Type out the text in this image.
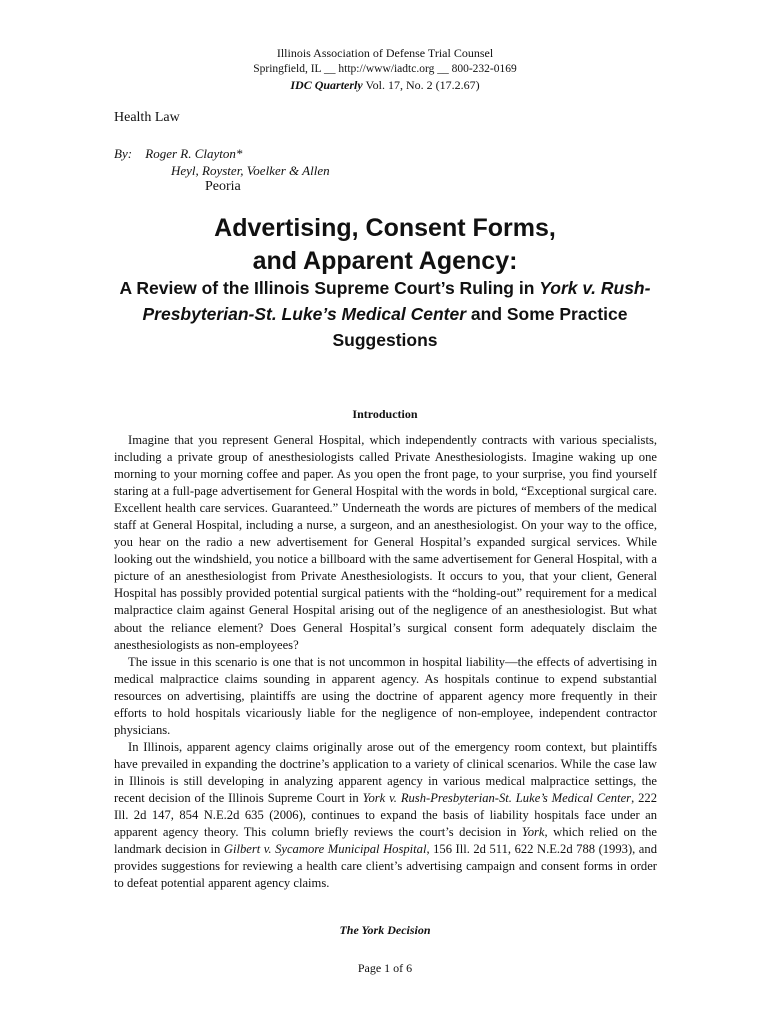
Illinois Association of Defense Trial Counsel
Springfield, IL __ http://www/iadtc.org __ 800-232-0169
IDC Quarterly Vol. 17, No. 2 (17.2.67)
Health Law
By: Roger R. Clayton*
Heyl, Royster, Voelker & Allen
Peoria
Advertising, Consent Forms,
and Apparent Agency:
A Review of the Illinois Supreme Court’s Ruling in York v. Rush-Presbyterian-St. Luke’s Medical Center and Some Practice Suggestions
Introduction

Imagine that you represent General Hospital, which independently contracts with various specialists, including a private group of anesthesiologists called Private Anesthesiologists. Imagine waking up one morning to your morning coffee and paper. As you open the front page, to your surprise, you find yourself staring at a full-page advertisement for General Hospital with the words in bold, “Exceptional surgical care. Excellent health care services. Guaranteed.” Underneath the words are pictures of members of the medical staff at General Hospital, including a nurse, a surgeon, and an anesthesiologist. On your way to the office, you hear on the radio a new advertisement for General Hospital’s expanded surgical services. While looking out the windshield, you notice a billboard with the same advertisement for General Hospital, with a picture of an anesthesiologist from Private Anesthesiologists. It occurs to you, that your client, General Hospital has possibly provided potential surgical patients with the “holding-out” requirement for a medical malpractice claim against General Hospital arising out of the negligence of an anesthesiologist. But what about the reliance element? Does General Hospital’s surgical consent form adequately disclaim the anesthesiologists as non-employees?

The issue in this scenario is one that is not uncommon in hospital liability—the effects of advertising in medical malpractice claims sounding in apparent agency. As hospitals continue to expend substantial resources on advertising, plaintiffs are using the doctrine of apparent agency more frequently in their efforts to hold hospitals vicariously liable for the negligence of non-employee, independent contractor physicians.

In Illinois, apparent agency claims originally arose out of the emergency room context, but plaintiffs have prevailed in expanding the doctrine’s application to a variety of clinical scenarios. While the case law in Illinois is still developing in analyzing apparent agency in various medical malpractice settings, the recent decision of the Illinois Supreme Court in York v. Rush-Presbyterian-St. Luke’s Medical Center, 222 Ill. 2d 147, 854 N.E.2d 635 (2006), continues to expand the basis of liability hospitals face under an apparent agency theory. This column briefly reviews the court’s decision in York, which relied on the landmark decision in Gilbert v. Sycamore Municipal Hospital, 156 Ill. 2d 511, 622 N.E.2d 788 (1993), and provides suggestions for reviewing a health care client’s advertising campaign and consent forms in order to defeat potential apparent agency claims.

The York Decision
Page 1 of 6
